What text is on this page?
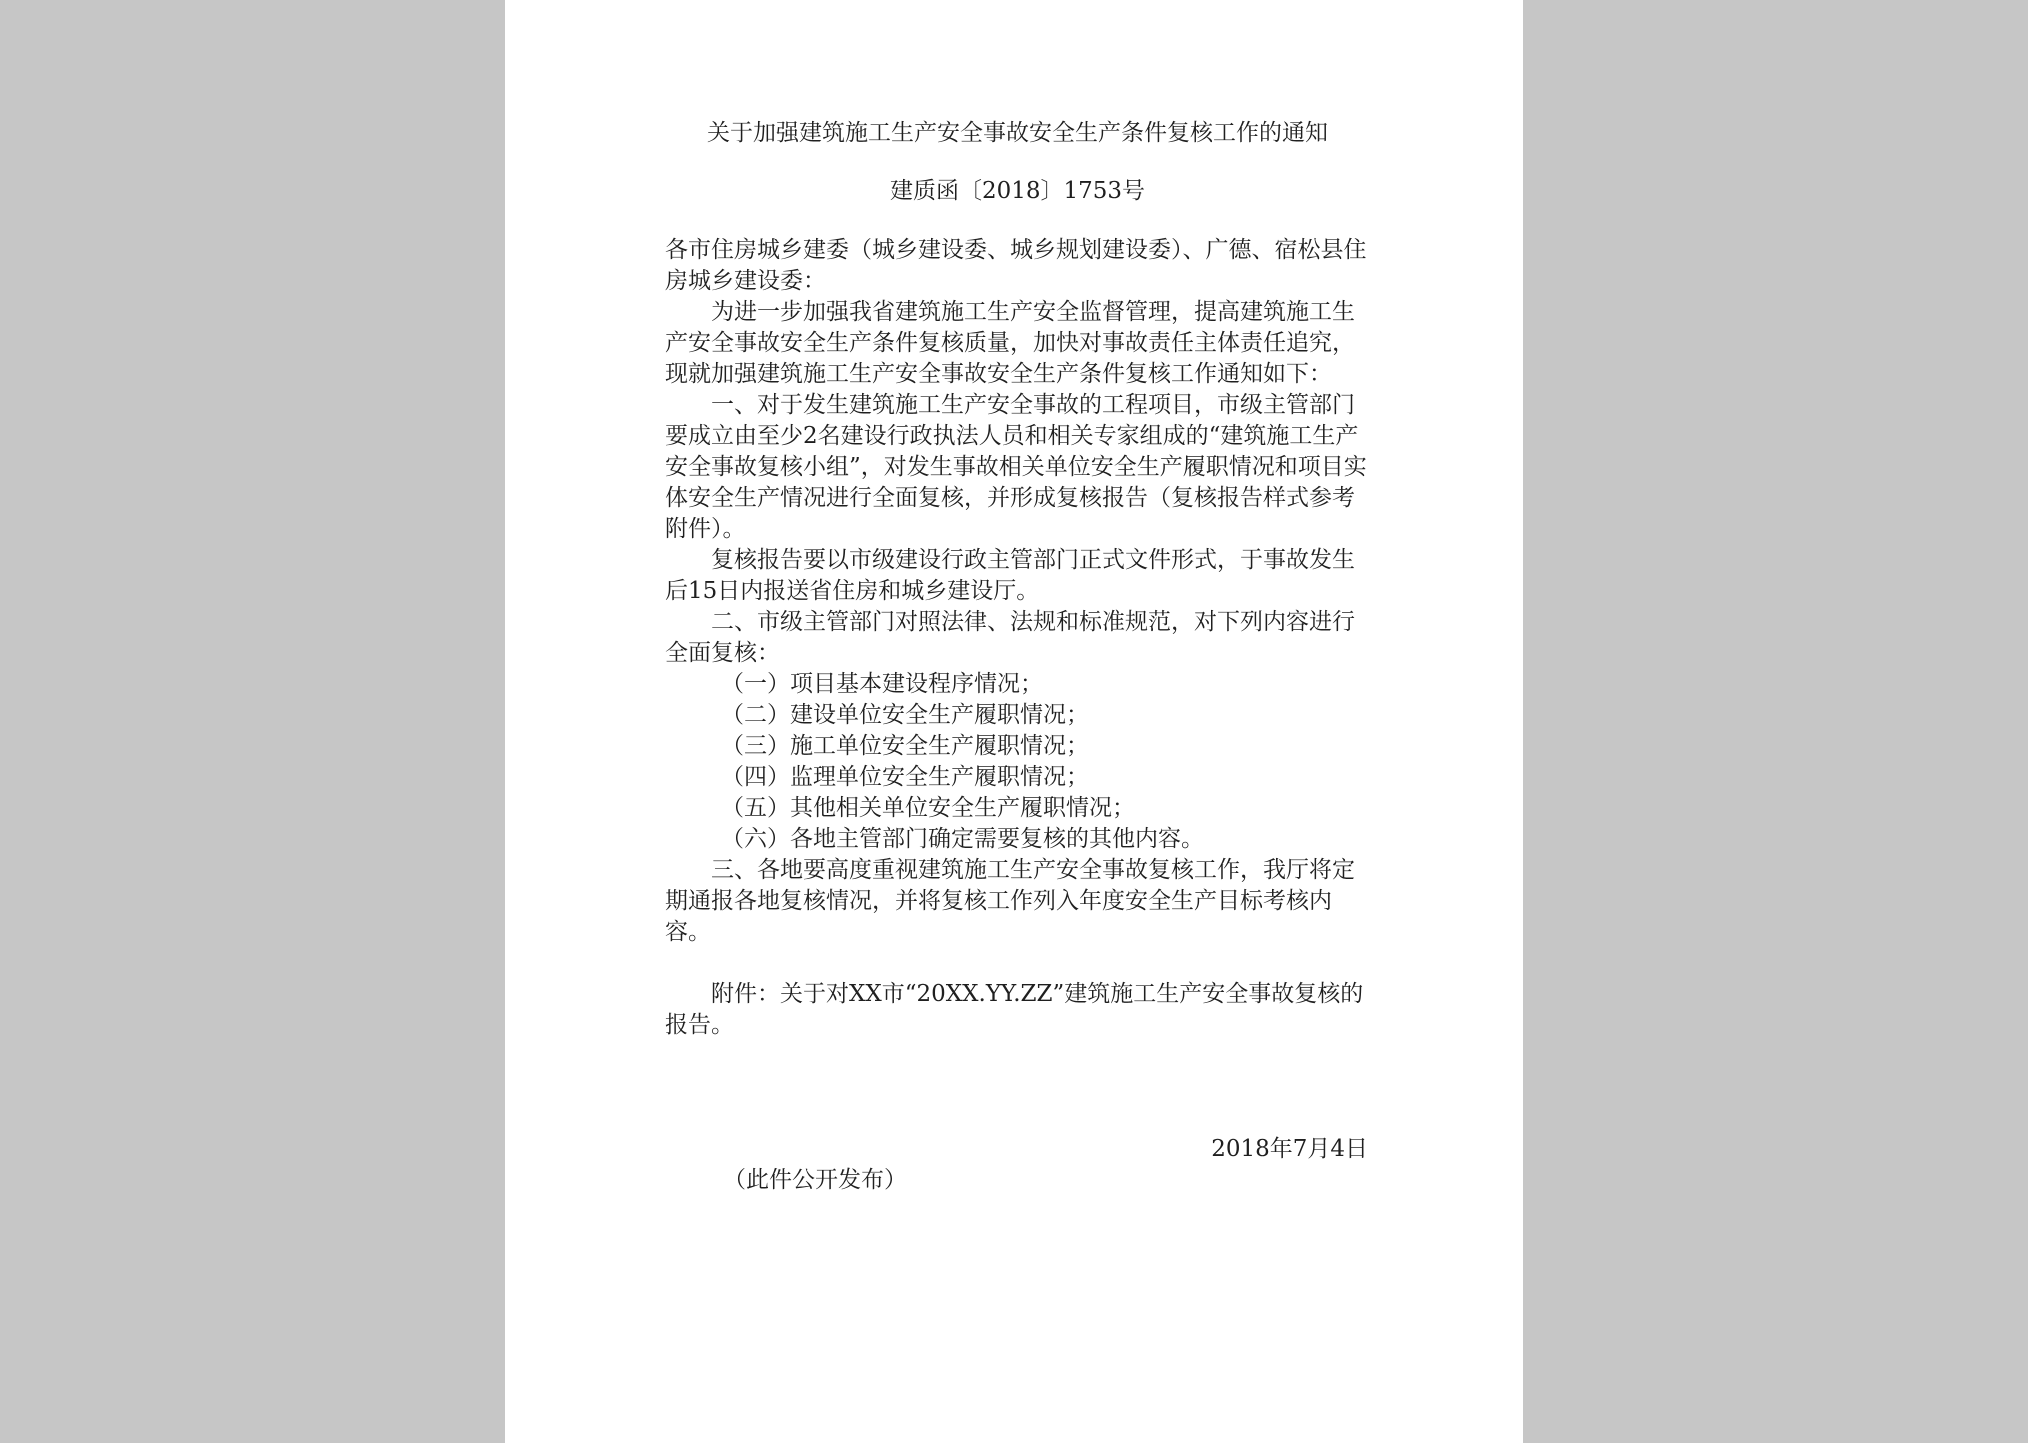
关于加强建筑施工生产安全事故安全生产条件复核工作的通知

建质函〔2018〕1753号

各市住房城乡建委（城乡建设委、城乡规划建设委）、广德、宿松县住房城乡建设委：

为进一步加强我省建筑施工生产安全监督管理，提高建筑施工生产安全事故安全生产条件复核质量，加快对事故责任主体责任追究，现就加强建筑施工生产安全事故安全生产条件复核工作通知如下：

一、对于发生建筑施工生产安全事故的工程项目，市级主管部门要成立由至少2名建设行政执法人员和相关专家组成的“建筑施工生产安全事故复核小组”，对发生事故相关单位安全生产履职情况和项目实体安全生产情况进行全面复核，并形成复核报告（复核报告样式参考附件）。

复核报告要以市级建设行政主管部门正式文件形式，于事故发生后15日内报送省住房和城乡建设厅。

二、市级主管部门对照法律、法规和标准规范，对下列内容进行全面复核：

（一）项目基本建设程序情况；

（二）建设单位安全生产履职情况；

（三）施工单位安全生产履职情况；

（四）监理单位安全生产履职情况；

（五）其他相关单位安全生产履职情况；

（六）各地主管部门确定需要复核的其他内容。

三、各地要高度重视建筑施工生产安全事故复核工作，我厅将定期通报各地复核情况，并将复核工作列入年度安全生产目标考核内容。

附件：关于对XX市“20XX.YY.ZZ”建筑施工生产安全事故复核的报告。

2018年7月4日

（此件公开发布）
